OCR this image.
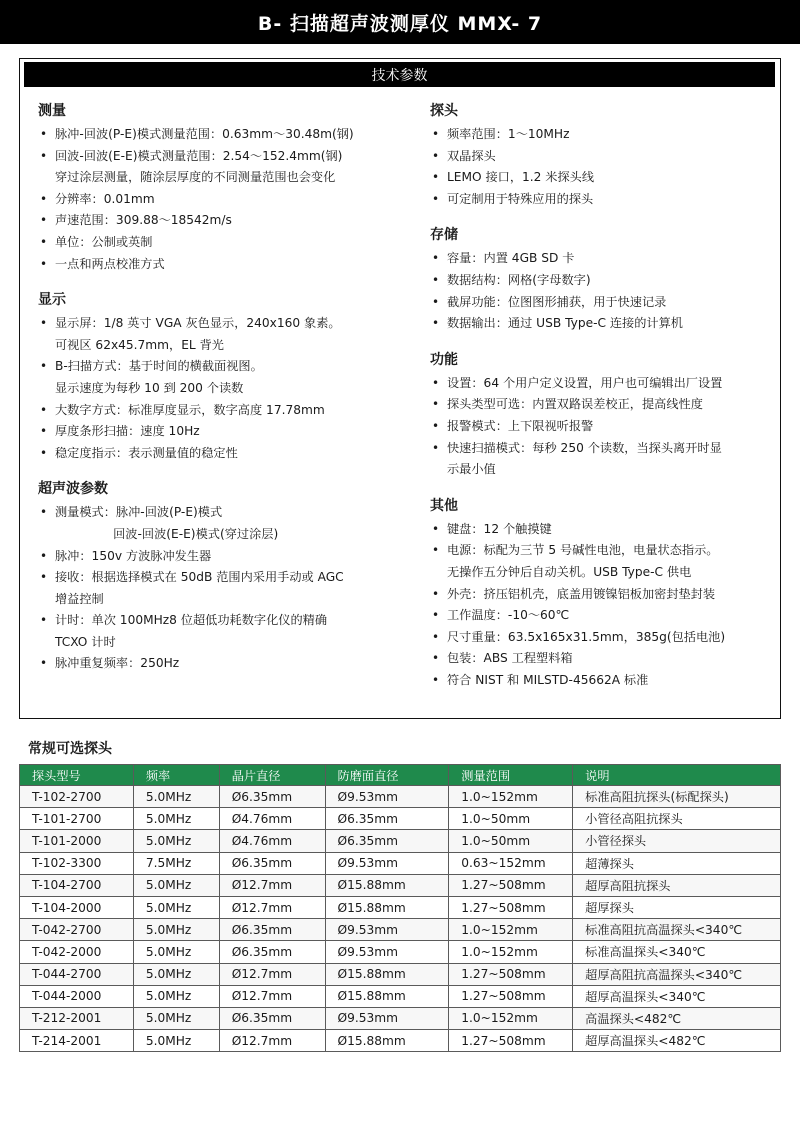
B- 扫描超声波测厚仪 MMX- 7
技术参数
测量
• 脉冲-回波(P-E)模式测量范围：0.63mm～30.48m(钢)
• 回波-回波(E-E)模式测量范围：2.54～152.4mm(钢)
穿过涂层测量，随涂层厚度的不同测量范围也会变化
• 分辨率：0.01mm
• 声速范围：309.88～18542m/s
• 单位：公制或英制
• 一点和两点校准方式
显示
• 显示屏：1/8 英寸 VGA 灰色显示，240x160 象素。
可视区 62x45.7mm，EL 背光
• B-扫描方式：基于时间的横截面视图。
显示速度为每秒 10 到 200 个读数
• 大数字方式：标准厚度显示，数字高度 17.78mm
• 厚度条形扫描：速度 10Hz
• 稳定度指示：表示测量值的稳定性
超声波参数
• 测量模式：脉冲-回波(P-E)模式
回波-回波(E-E)模式(穿过涂层)
• 脉冲：150v 方波脉冲发生器
• 接收：根据选择模式在 50dB 范围内采用手动或 AGC
增益控制
• 计时：单次 100MHz8 位超低功耗数字化仪的精确
TCXO 计时
• 脉冲重复频率：250Hz
探头
• 频率范围：1～10MHz
• 双晶探头
• LEMO 接口，1.2 米探头线
• 可定制用于特殊应用的探头
存储
• 容量：内置 4GB SD 卡
• 数据结构：网格(字母数字)
• 截屏功能：位图图形捕获，用于快速记录
• 数据输出：通过 USB Type-C 连接的计算机
功能
• 设置：64 个用户定义设置，用户也可编辑出厂设置
• 探头类型可选：内置双路误差校正，提高线性度
• 报警模式：上下限视听报警
• 快速扫描模式：每秒 250 个读数，当探头离开时显
示最小值
其他
• 键盘：12 个触摸键
• 电源：标配为三节 5 号碱性电池，电量状态指示。
无操作五分钟后自动关机。USB Type-C 供电
• 外壳：挤压铝机壳，底盖用镀镍铝板加密封垫封装
• 工作温度：-10～60℃
• 尺寸重量：63.5x165x31.5mm，385g(包括电池)
• 包装：ABS 工程塑料箱
• 符合 NIST 和 MILSTD-45662A 标准
常规可选探头
探头型号	频率	晶片直径	防磨面直径	测量范围	说明
T-102-2700	5.0MHz	Ø6.35mm	Ø9.53mm	1.0~152mm	标准高阻抗探头(标配探头)
T-101-2700	5.0MHz	Ø4.76mm	Ø6.35mm	1.0~50mm	小管径高阻抗探头
T-101-2000	5.0MHz	Ø4.76mm	Ø6.35mm	1.0~50mm	小管径探头
T-102-3300	7.5MHz	Ø6.35mm	Ø9.53mm	0.63~152mm	超薄探头
T-104-2700	5.0MHz	Ø12.7mm	Ø15.88mm	1.27~508mm	超厚高阻抗探头
T-104-2000	5.0MHz	Ø12.7mm	Ø15.88mm	1.27~508mm	超厚探头
T-042-2700	5.0MHz	Ø6.35mm	Ø9.53mm	1.0~152mm	标准高阻抗高温探头<340℃
T-042-2000	5.0MHz	Ø6.35mm	Ø9.53mm	1.0~152mm	标准高温探头<340℃
T-044-2700	5.0MHz	Ø12.7mm	Ø15.88mm	1.27~508mm	超厚高阻抗高温探头<340℃
T-044-2000	5.0MHz	Ø12.7mm	Ø15.88mm	1.27~508mm	超厚高温探头<340℃
T-212-2001	5.0MHz	Ø6.35mm	Ø9.53mm	1.0~152mm	高温探头<482℃
T-214-2001	5.0MHz	Ø12.7mm	Ø15.88mm	1.27~508mm	超厚高温探头<482℃
